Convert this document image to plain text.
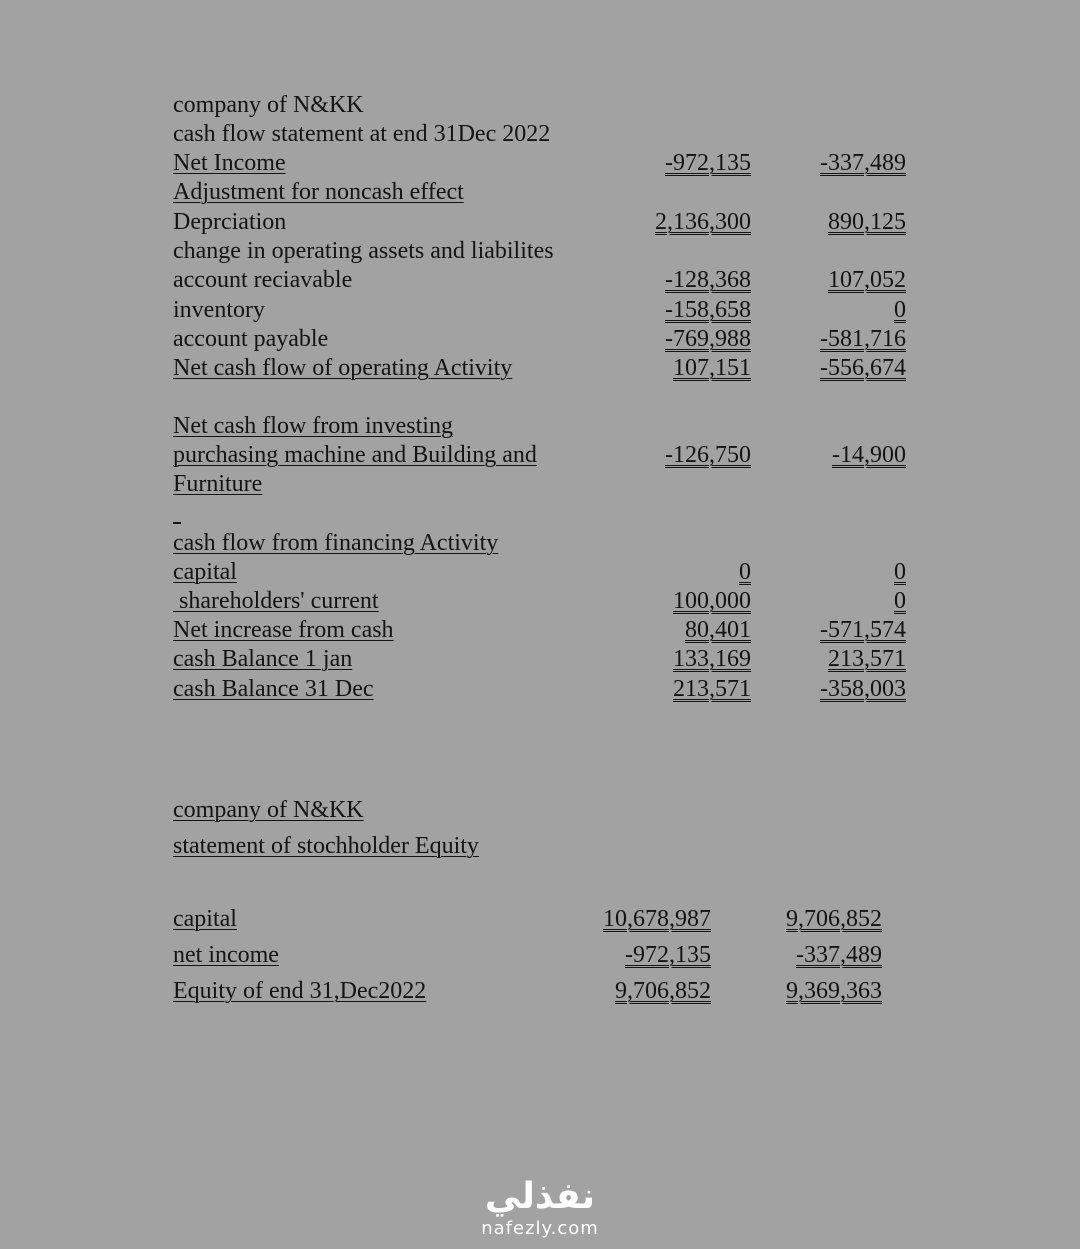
company of N&KK
cash flow statement at end 31Dec 2022
Net Income	-972,135	-337,489
Adjustment for noncash effect
Deprciation	2,136,300	890,125
change in operating assets and liabilites
account reciavable	-128,368	107,052
inventory	-158,658	0
account payable	-769,988	-581,716
Net cash flow of operating Activity	107,151	-556,674
Net cash flow from investing
purchasing machine and Building and	-126,750	-14,900
Furniture
cash flow from financing Activity
capital	0	0
shareholders' current	100,000	0
Net increase from cash	80,401	-571,574
cash Balance 1 jan	133,169	213,571
cash Balance 31 Dec	213,571	-358,003
company of N&KK
statement of stochholder Equity
capital	10,678,987	9,706,852
net income	-972,135	-337,489
Equity of end 31,Dec2022	9,706,852	9,369,363
نفذلي
nafezly.com
